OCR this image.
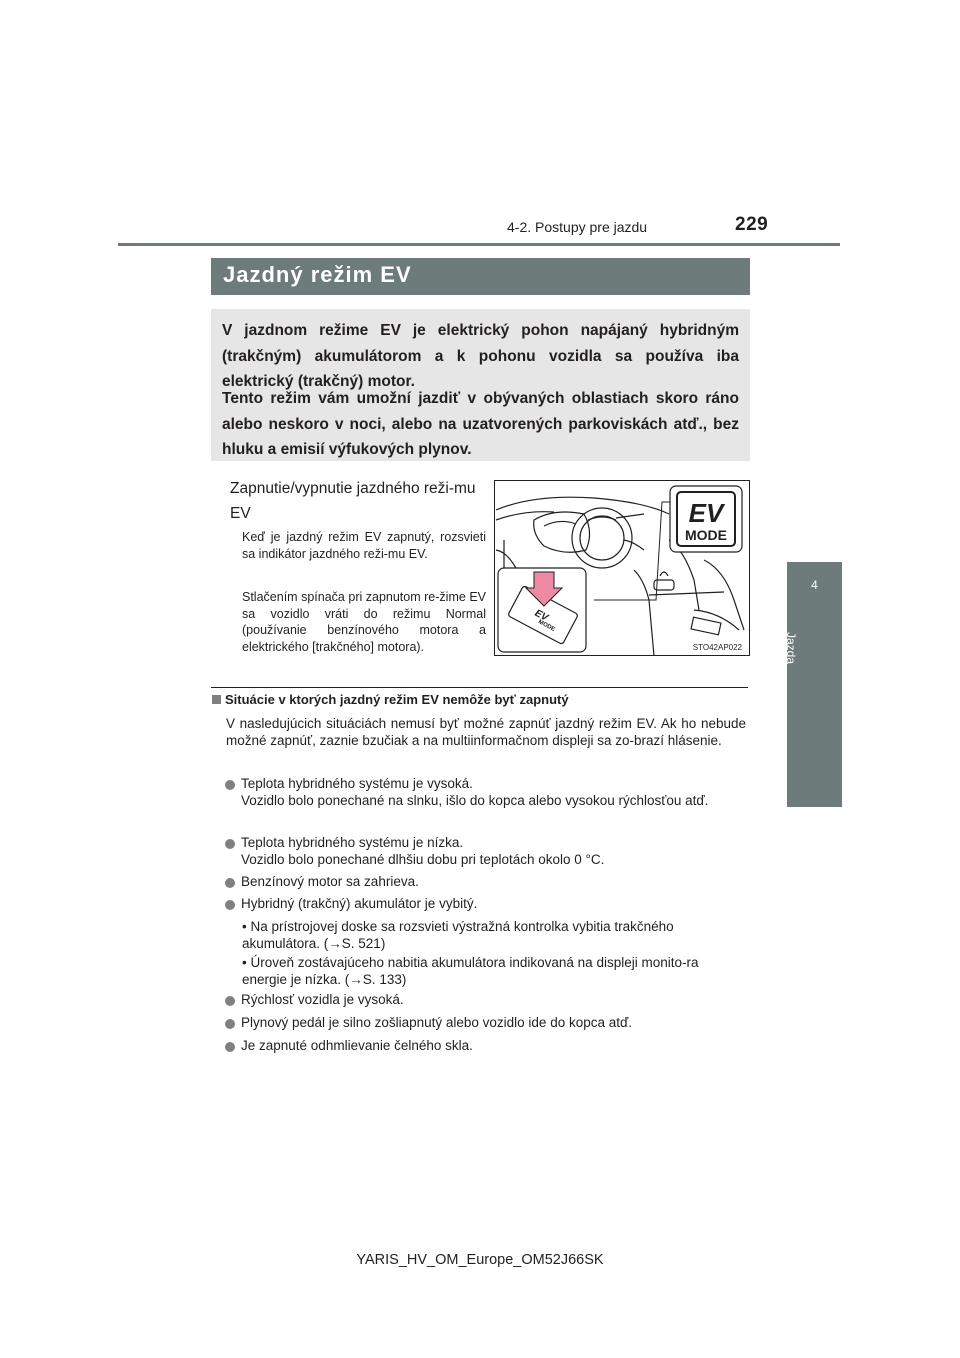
4-2. Postupy pre jazdu	229
4
Jazda
Jazdný režim EV
V jazdnom režime EV je elektrický pohon napájaný hybridným (trakčným) akumulátorom a k pohonu vozidla sa používa iba elektrický (trakčný) motor.
Tento režim vám umožní jazdiť v obývaných oblastiach skoro ráno alebo neskoro v noci, alebo na uzatvorených parkoviskách atď., bez hluku a emisií výfukových plynov.
Zapnutie/vypnutie jazdného reži-mu EV
Keď je jazdný režim EV zapnutý, rozsvieti sa indikátor jazdného reži-mu EV.
Stlačením spínača pri zapnutom re-žime EV sa vozidlo vráti do režimu Normal (používanie benzínového motora a elektrického [trakčného] motora).
EV
MODE
EV
MODE
STO42AP022
Situácie v ktorých jazdný režim EV nemôže byť zapnutý
V nasledujúcich situáciách nemusí byť možné zapnúť jazdný režim EV. Ak ho nebude možné zapnúť, zaznie bzučiak a na multiinformačnom displeji sa zo-brazí hlásenie.
Teplota hybridného systému je vysoká.
Vozidlo bolo ponechané na slnku, išlo do kopca alebo vysokou rýchlosťou atď.
Teplota hybridného systému je nízka.
Vozidlo bolo ponechané dlhšiu dobu pri teplotách okolo 0 °C.
Benzínový motor sa zahrieva.
Hybridný (trakčný) akumulátor je vybitý.
• Na prístrojovej doske sa rozsvieti výstražná kontrolka vybitia trakčného akumulátora. (→S. 521)
• Úroveň zostávajúceho nabitia akumulátora indikovaná na displeji monito-ra energie je nízka. (→S. 133)
Rýchlosť vozidla je vysoká.
Plynový pedál je silno zošliapnutý alebo vozidlo ide do kopca atď.
Je zapnuté odhmlievanie čelného skla.
YARIS_HV_OM_Europe_OM52J66SK
